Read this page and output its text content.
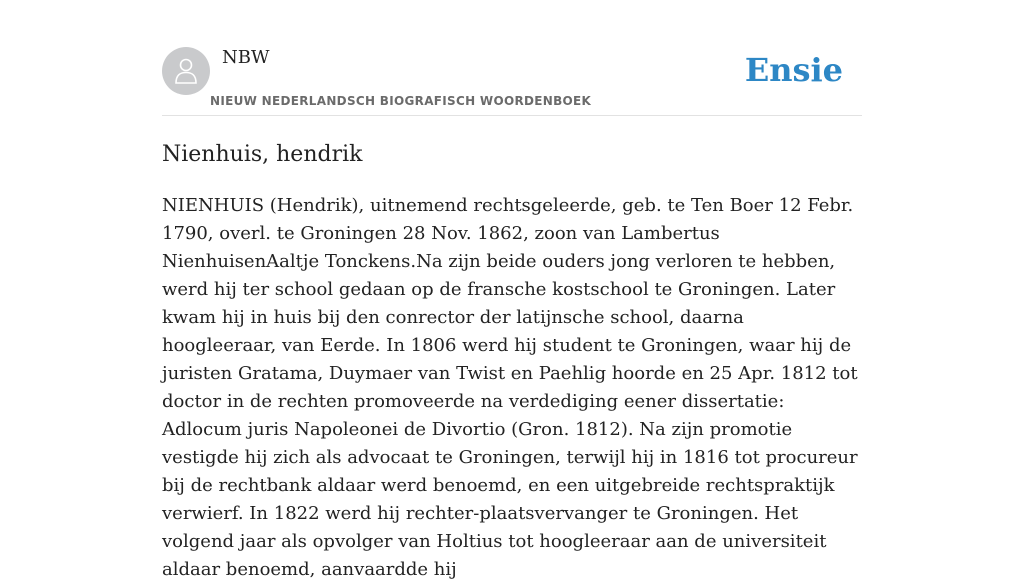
NBW
NIEUW NEDERLANDSCH BIOGRAFISCH WOORDENBOEK
Ensie
Nienhuis, hendrik

NIENHUIS (Hendrik), uitnemend rechtsgeleerde, geb. te Ten Boer 12 Febr. 1790, overl. te Groningen 28 Nov. 1862, zoon van Lambertus NienhuisenAaltje Tonckens.Na zijn beide ouders jong verloren te hebben, werd hij ter school gedaan op de fransche kostschool te Groningen. Later kwam hij in huis bij den conrector der latijnsche school, daarna hoogleeraar, van Eerde. In 1806 werd hij student te Groningen, waar hij de juristen Gratama, Duymaer van Twist en Paehlig hoorde en 25 Apr. 1812 tot doctor in de rechten promoveerde na verdediging eener dissertatie: Adlocum juris Napoleonei de Divortio (Gron. 1812). Na zijn promotie vestigde hij zich als advocaat te Groningen, terwijl hij in 1816 tot procureur bij de rechtbank aldaar werd benoemd, en een uitgebreide rechtspraktijk verwierf. In 1822 werd hij rechter-plaatsvervanger te Groningen. Het volgend jaar als opvolger van Holtius tot hoogleeraar aan de universiteit aldaar benoemd, aanvaardde hij
